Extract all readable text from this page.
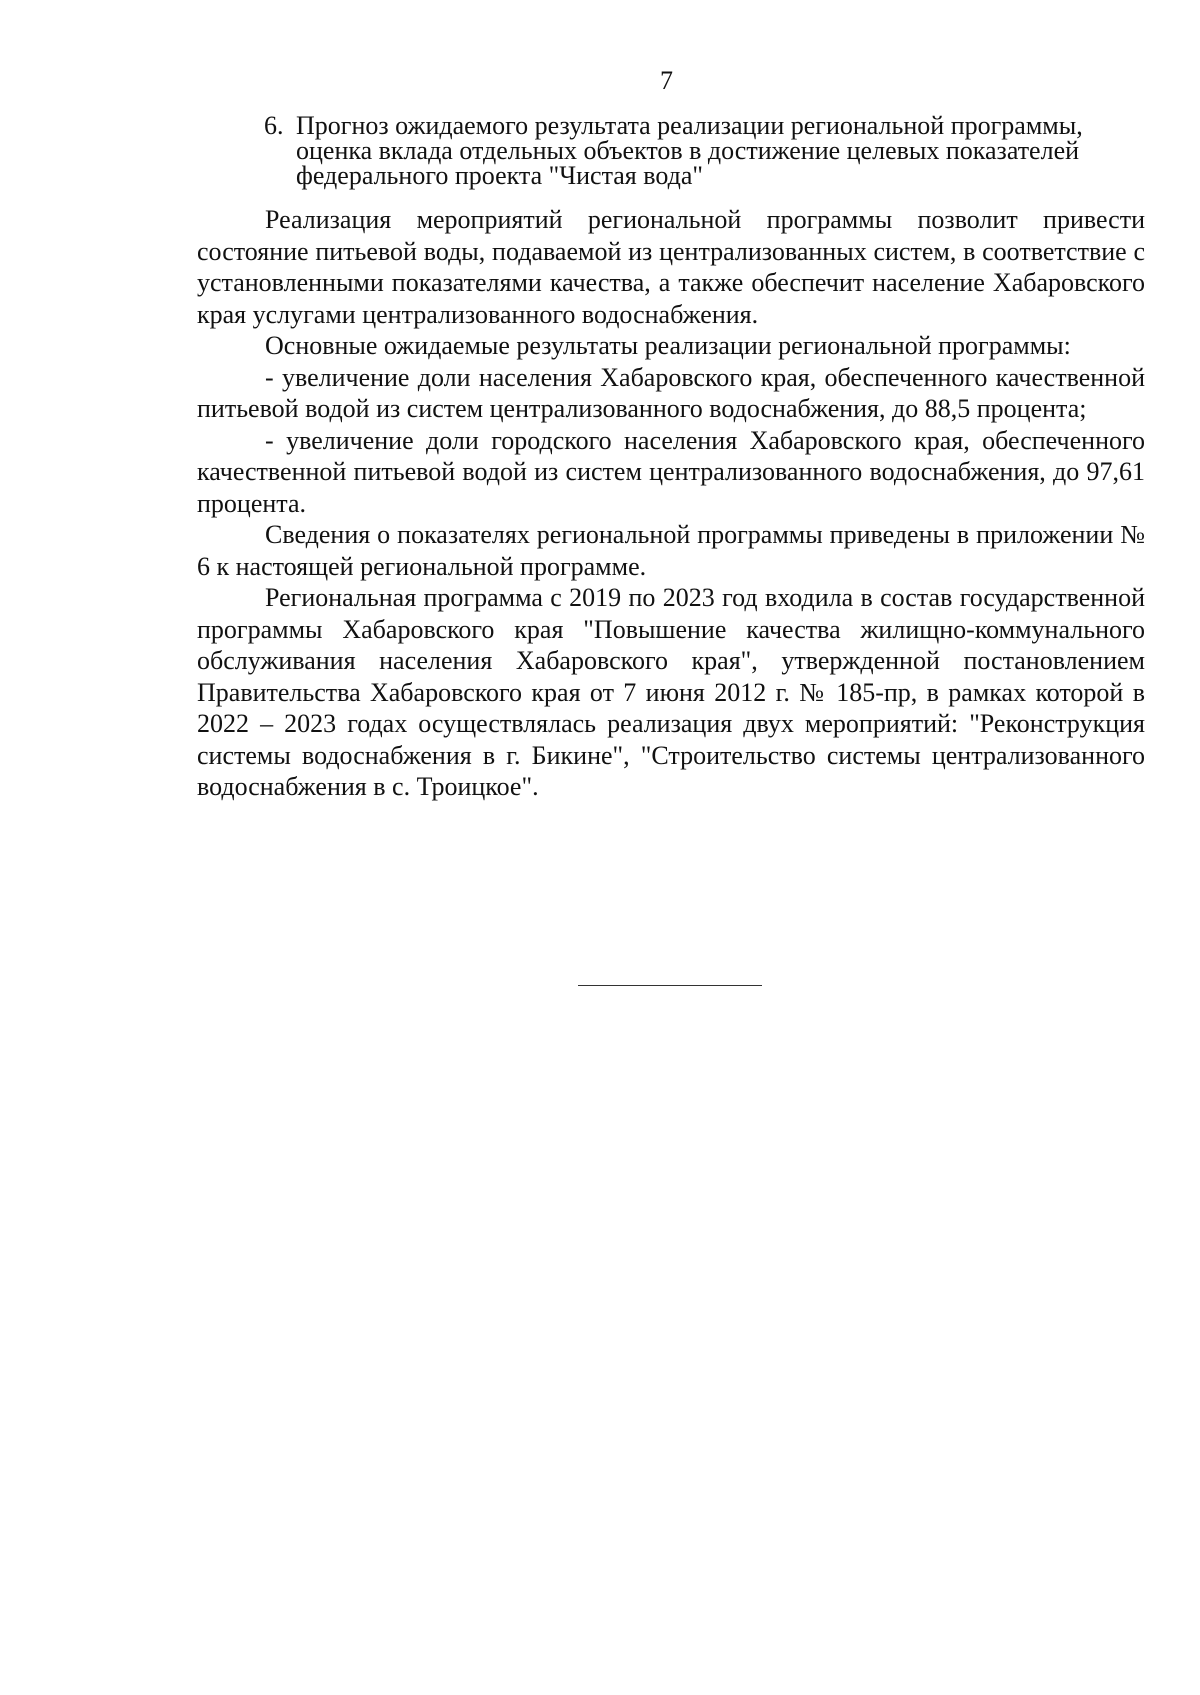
7
6. Прогноз ожидаемого результата реализации региональной программы,
оценка вклада отдельных объектов в достижение целевых показателей
федерального проекта "Чистая вода"

Реализация мероприятий региональной программы позволит привести состояние питьевой воды, подаваемой из централизованных систем, в соответствие с установленными показателями качества, а также обеспечит население Хабаровского края услугами централизованного водоснабжения.

Основные ожидаемые результаты реализации региональной программы:

- увеличение доли населения Хабаровского края, обеспеченного качественной питьевой водой из систем централизованного водоснабжения, до 88,5 процента;

- увеличение доли городского населения Хабаровского края, обеспеченного качественной питьевой водой из систем централизованного водоснабжения, до 97,61 процента.

Сведения о показателях региональной программы приведены в приложении № 6 к настоящей региональной программе.

Региональная программа с 2019 по 2023 год входила в состав государственной программы Хабаровского края "Повышение качества жилищно-коммунального обслуживания населения Хабаровского края", утвержденной постановлением Правительства Хабаровского края от 7 июня 2012 г. № 185-пр, в рамках которой в 2022 – 2023 годах осуществлялась реализация двух мероприятий: "Реконструкция системы водоснабжения в г. Бикине", "Строительство системы централизованного водоснабжения в с. Троицкое".
